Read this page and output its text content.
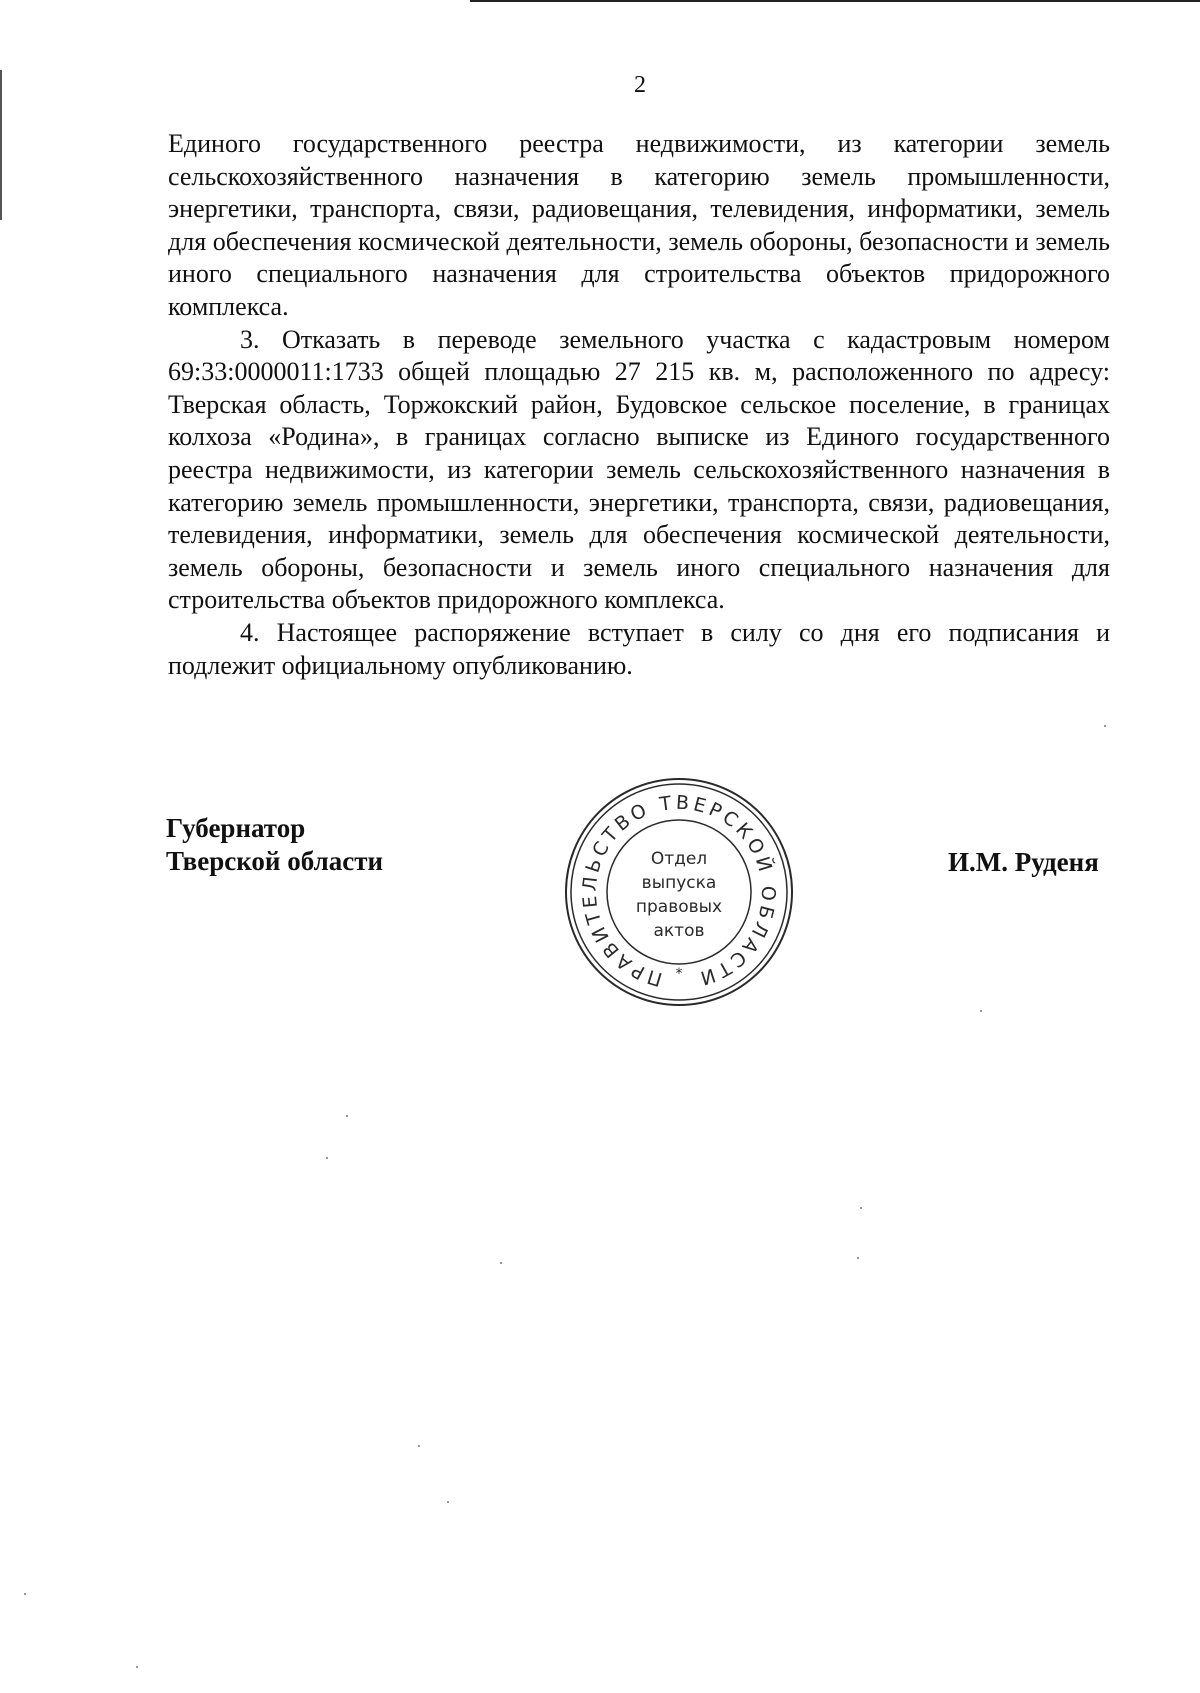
2

Единого государственного реестра недвижимости, из категории земель сельскохозяйственного назначения в категорию земель промышленности, энергетики, транспорта, связи, радиовещания, телевидения, информатики, земель для обеспечения космической деятельности, земель обороны, безопасности и земель иного специального назначения для строительства объектов придорожного комплекса.

3. Отказать в переводе земельного участка с кадастровым номером 69:33:0000011:1733 общей площадью 27 215 кв. м, расположенного по адресу: Тверская область, Торжокский район, Будовское сельское поселение, в границах колхоза «Родина», в границах согласно выписке из Единого государственного реестра недвижимости, из категории земель сельскохозяйственного назначения в категорию земель промышленности, энергетики, транспорта, связи, радиовещания, телевидения, информатики, земель для обеспечения космической деятельности, земель обороны, безопасности и земель иного специального назначения для строительства объектов придорожного комплекса.

4. Настоящее распоряжение вступает в силу со дня его подписания и подлежит официальному опубликованию.

Губернатор
Тверской области	И.М. Руденя
ПРАВИТЕЛЬСТВО ТВЕРСКОЙ ОБЛАСТИ
*
Отдел
выпуска
правовых
актов
